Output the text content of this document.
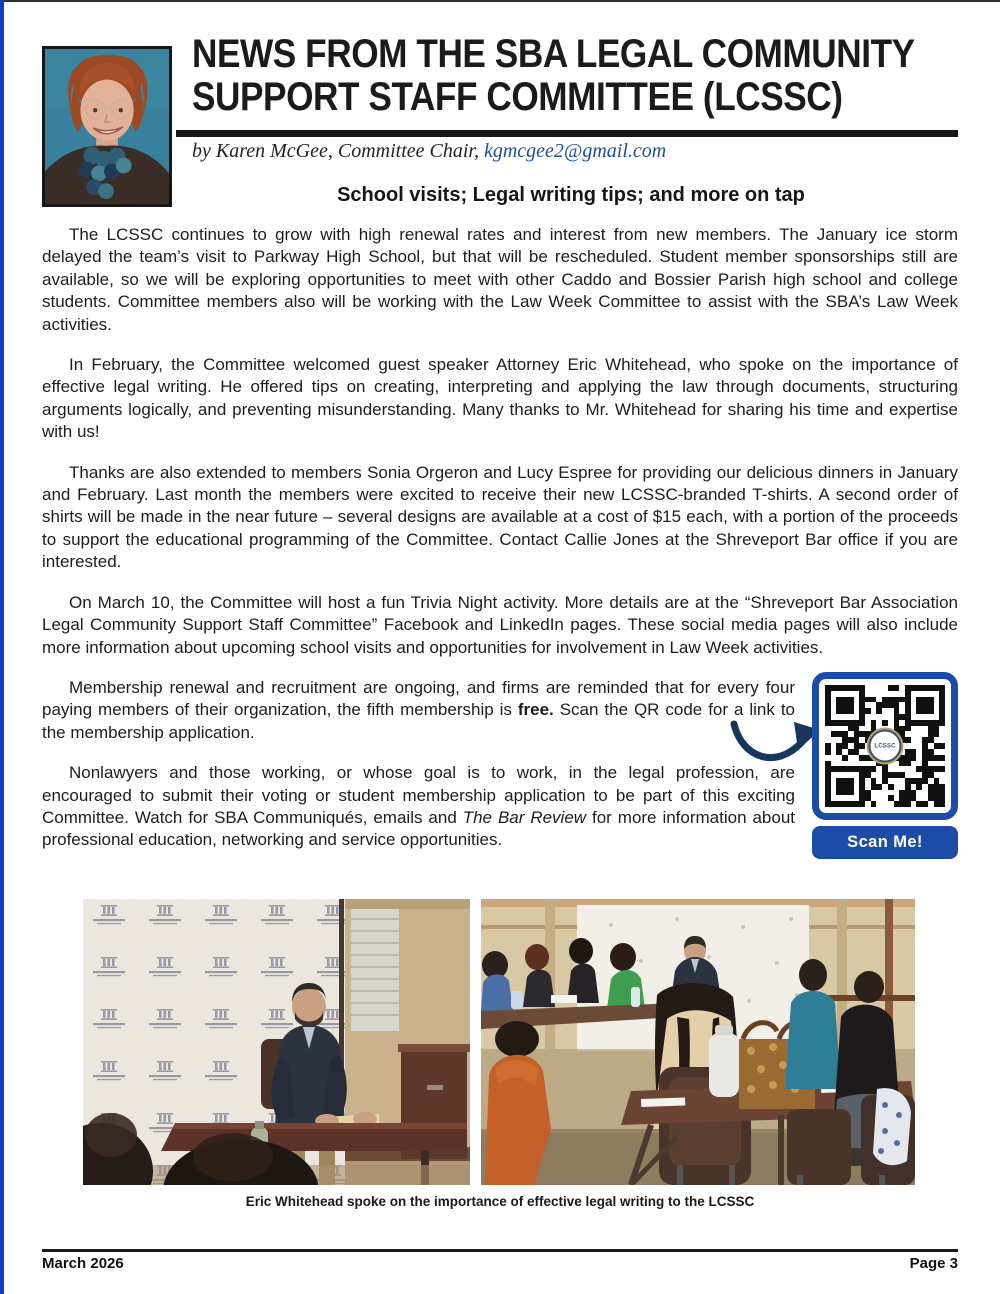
NEWS FROM THE SBA LEGAL COMMUNITY
SUPPORT STAFF COMMITTEE (LCSSC)
by Karen McGee, Committee Chair, kgmcgee2@gmail.com
School visits; Legal writing tips; and more on tap

The LCSSC continues to grow with high renewal rates and interest from new members. The January ice storm delayed the team’s visit to Parkway High School, but that will be rescheduled. Student member sponsorships still are available, so we will be exploring opportunities to meet with other Caddo and Bossier Parish high school and college students. Committee members also will be working with the Law Week Committee to assist with the SBA’s Law Week activities.

In February, the Committee welcomed guest speaker Attorney Eric Whitehead, who spoke on the importance of effective legal writing. He offered tips on creating, interpreting and applying the law through documents, structuring arguments logically, and preventing misunderstanding. Many thanks to Mr. Whitehead for sharing his time and expertise with us!

Thanks are also extended to members Sonia Orgeron and Lucy Espree for providing our delicious dinners in January and February. Last month the members were excited to receive their new LCSSC-branded T-shirts. A second order of shirts will be made in the near future – several designs are available at a cost of $15 each, with a portion of the proceeds to support the educational programming of the Committee. Contact Callie Jones at the Shreveport Bar office if you are interested.

On March 10, the Committee will host a fun Trivia Night activity. More details are at the “Shreveport Bar Association Legal Community Support Staff Committee” Facebook and LinkedIn pages. These social media pages will also include more information about upcoming school visits and opportunities for involvement in Law Week activities.

Membership renewal and recruitment are ongoing, and firms are reminded that for every four paying members of their organization, the fifth membership is free. Scan the QR code for a link to the membership application.

Nonlawyers and those working, or whose goal is to work, in the legal profession, are encouraged to submit their voting or student membership application to be part of this exciting Committee. Watch for SBA Communiqués, emails and The Bar Review for more information about professional education, networking and service opportunities.

LCSSC
Scan Me!
Eric Whitehead spoke on the importance of effective legal writing to the LCSSC
March 2026	Page 3
